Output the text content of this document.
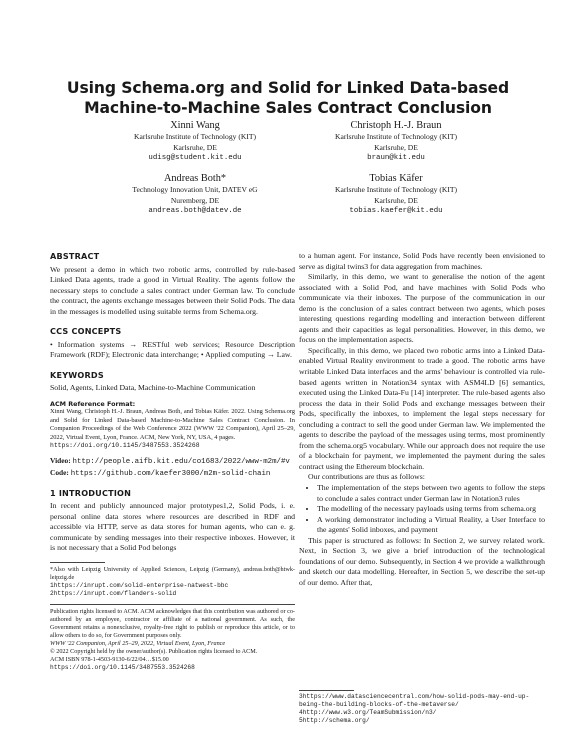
Using Schema.org and Solid for Linked Data-based Machine-to-Machine Sales Contract Conclusion
Xinni Wang
Karlsruhe Institute of Technology (KIT)
Karlsruhe, DE
udisg@student.kit.edu
Christoph H.-J. Braun
Karlsruhe Institute of Technology (KIT)
Karlsruhe, DE
braun@kit.edu
Andreas Both*
Technology Innovation Unit, DATEV eG
Nuremberg, DE
andreas.both@datev.de
Tobias Käfer
Karlsruhe Institute of Technology (KIT)
Karlsruhe, DE
tobias.kaefer@kit.edu

ABSTRACT

We present a demo in which two robotic arms, controlled by rule-based Linked Data agents, trade a good in Virtual Reality. The agents follow the necessary steps to conclude a sales contract under German law. To conclude the contract, the agents exchange messages between their Solid Pods. The data in the messages is modelled using suitable terms from Schema.org.

CCS CONCEPTS

• Information systems → RESTful web services; Resource Description Framework (RDF); Electronic data interchange; • Applied computing → Law.

KEYWORDS

Solid, Agents, Linked Data, Machine-to-Machine Communication

ACM Reference Format:

Xinni Wang, Christoph H.-J. Braun, Andreas Both, and Tobias Käfer. 2022. Using Schema.org and Solid for Linked Data-based Machine-to-Machine Sales Contract Conclusion. In Companion Proceedings of the Web Conference 2022 (WWW '22 Companion), April 25–29, 2022, Virtual Event, Lyon, France. ACM, New York, NY, USA, 4 pages.

https://doi.org/10.1145/3487553.3524268

Video: http://people.aifb.kit.edu/co1683/2022/www-m2m/#v

Code: https://github.com/kaefer3000/m2m-solid-chain

1 INTRODUCTION

In recent and publicly announced major prototypes1,2, Solid Pods, i. e. personal online data stores where resources are described in RDF and accessible via HTTP, serve as data stores for human agents, who can e. g. communicate by sending messages into their respective inboxes. However, it is not necessary that a Solid Pod belongs

*Also with Leipzig University of Applied Sciences, Leipzig (Germany), andreas.both@htwk-leipzig.de

1https://inrupt.com/solid-enterprise-natwest-bbc

2https://inrupt.com/flanders-solid

Publication rights licensed to ACM. ACM acknowledges that this contribution was authored or co-authored by an employee, contractor or affiliate of a national government. As such, the Government retains a nonexclusive, royalty-free right to publish or reproduce this article, or to allow others to do so, for Government purposes only.

WWW '22 Companion, April 25–29, 2022, Virtual Event, Lyon, France

© 2022 Copyright held by the owner/author(s). Publication rights licensed to ACM.

ACM ISBN 978-1-4503-9130-6/22/04…$15.00

https://doi.org/10.1145/3487553.3524268

to a human agent. For instance, Solid Pods have recently been envisioned to serve as digital twins3 for data aggregation from machines.

Similarly, in this demo, we want to generalise the notion of the agent associated with a Solid Pod, and have machines with Solid Pods who communicate via their inboxes. The purpose of the communication in our demo is the conclusion of a sales contract between two agents, which poses interesting questions regarding modelling and interaction between different agents and their capacities as legal personalities. However, in this demo, we focus on the implementation aspects.

Specifically, in this demo, we placed two robotic arms into a Linked Data-enabled Virtual Reality environment to trade a good. The robotic arms have writable Linked Data interfaces and the arms' behaviour is controlled via rule-based agents written in Notation34 syntax with ASM4LD [6] semantics, executed using the Linked Data-Fu [14] interpreter. The rule-based agents also process the data in their Solid Pods and exchange messages between their Pods, specifically the inboxes, to implement the legal steps necessary for concluding a contract to sell the good under German law. We implemented the agents to describe the payload of the messages using terms, most prominently from the schema.org5 vocabulary. While our approach does not require the use of a blockchain for payment, we implemented the payment during the sales contract using the Ethereum blockchain.

Our contributions are thus as follows:

• The implementation of the steps between two agents to follow the steps to conclude a sales contract under German law in Notation3 rules
• The modelling of the necessary payloads using terms from schema.org
• A working demonstrator including a Virtual Reality, a User Interface to the agents' Solid inboxes, and payment

This paper is structured as follows: In Section 2, we survey related work. Next, in Section 3, we give a brief introduction of the technological foundations of our demo. Subsequently, in Section 4 we provide a walkthrough and sketch our data modelling. Hereafter, in Section 5, we describe the set-up of our demo. After that,

3https://www.datasciencecentral.com/how-solid-pods-may-end-up-being-the-building-blocks-of-the-metaverse/

4http://www.w3.org/TeamSubmission/n3/

5http://schema.org/
